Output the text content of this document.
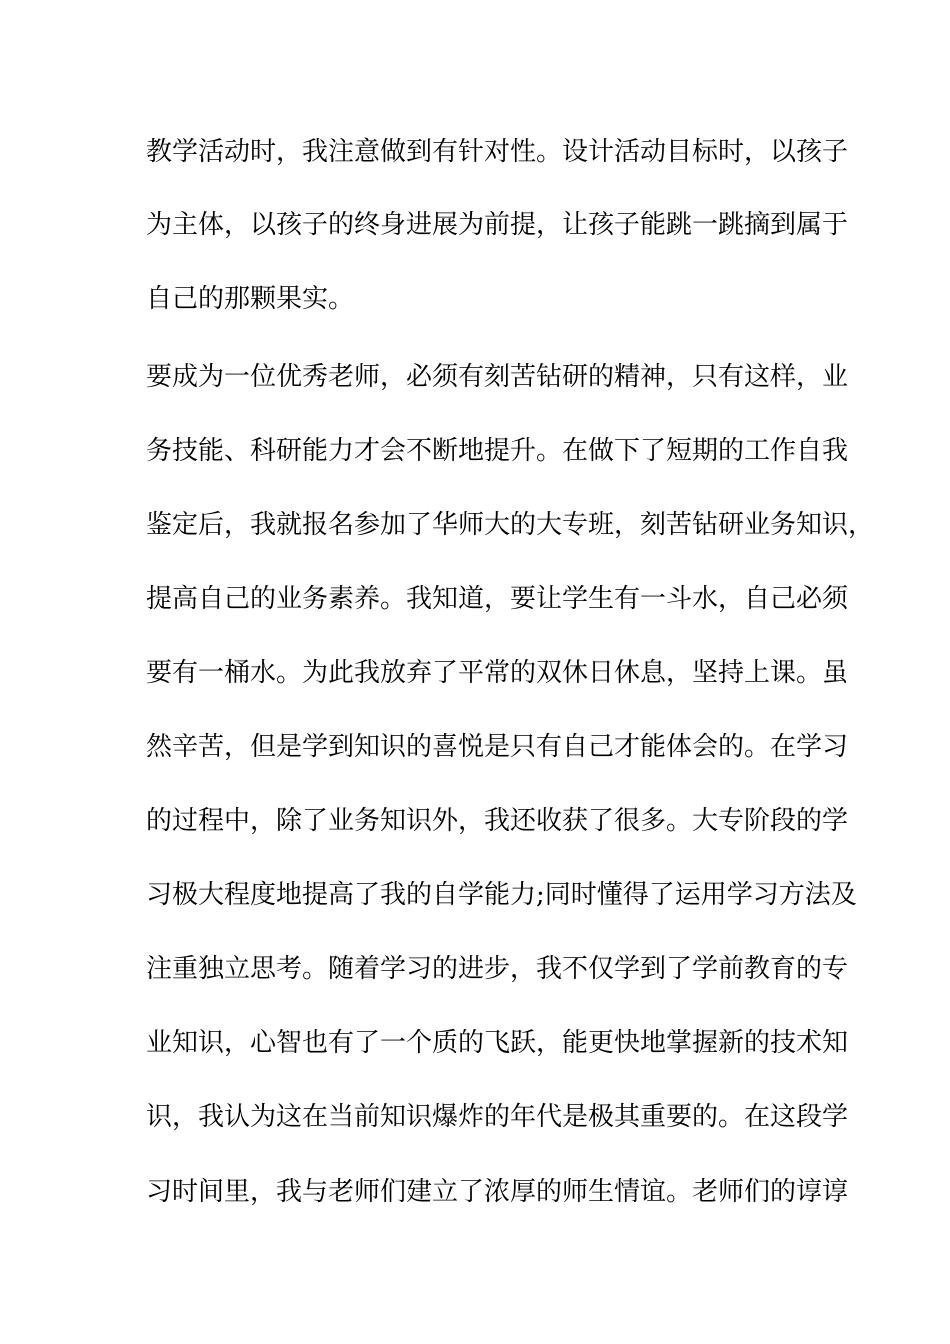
教学活动时，我注意做到有针对性。设计活动目标时，以孩子
为主体，以孩子的终身进展为前提，让孩子能跳一跳摘到属于
自己的那颗果实。
要成为一位优秀老师，必须有刻苦钻研的精神，只有这样，业
务技能、科研能力才会不断地提升。在做下了短期的工作自我
鉴定后，我就报名参加了华师大的大专班，刻苦钻研业务知识，
提高自己的业务素养。我知道，要让学生有一斗水，自己必须
要有一桶水。为此我放弃了平常的双休日休息，坚持上课。虽
然辛苦，但是学到知识的喜悦是只有自己才能体会的。在学习
的过程中，除了业务知识外，我还收获了很多。大专阶段的学
习极大程度地提高了我的自学能力;同时懂得了运用学习方法及
注重独立思考。随着学习的进步，我不仅学到了学前教育的专
业知识，心智也有了一个质的飞跃，能更快地掌握新的技术知
识，我认为这在当前知识爆炸的年代是极其重要的。在这段学
习时间里，我与老师们建立了浓厚的师生情谊。老师们的谆谆
